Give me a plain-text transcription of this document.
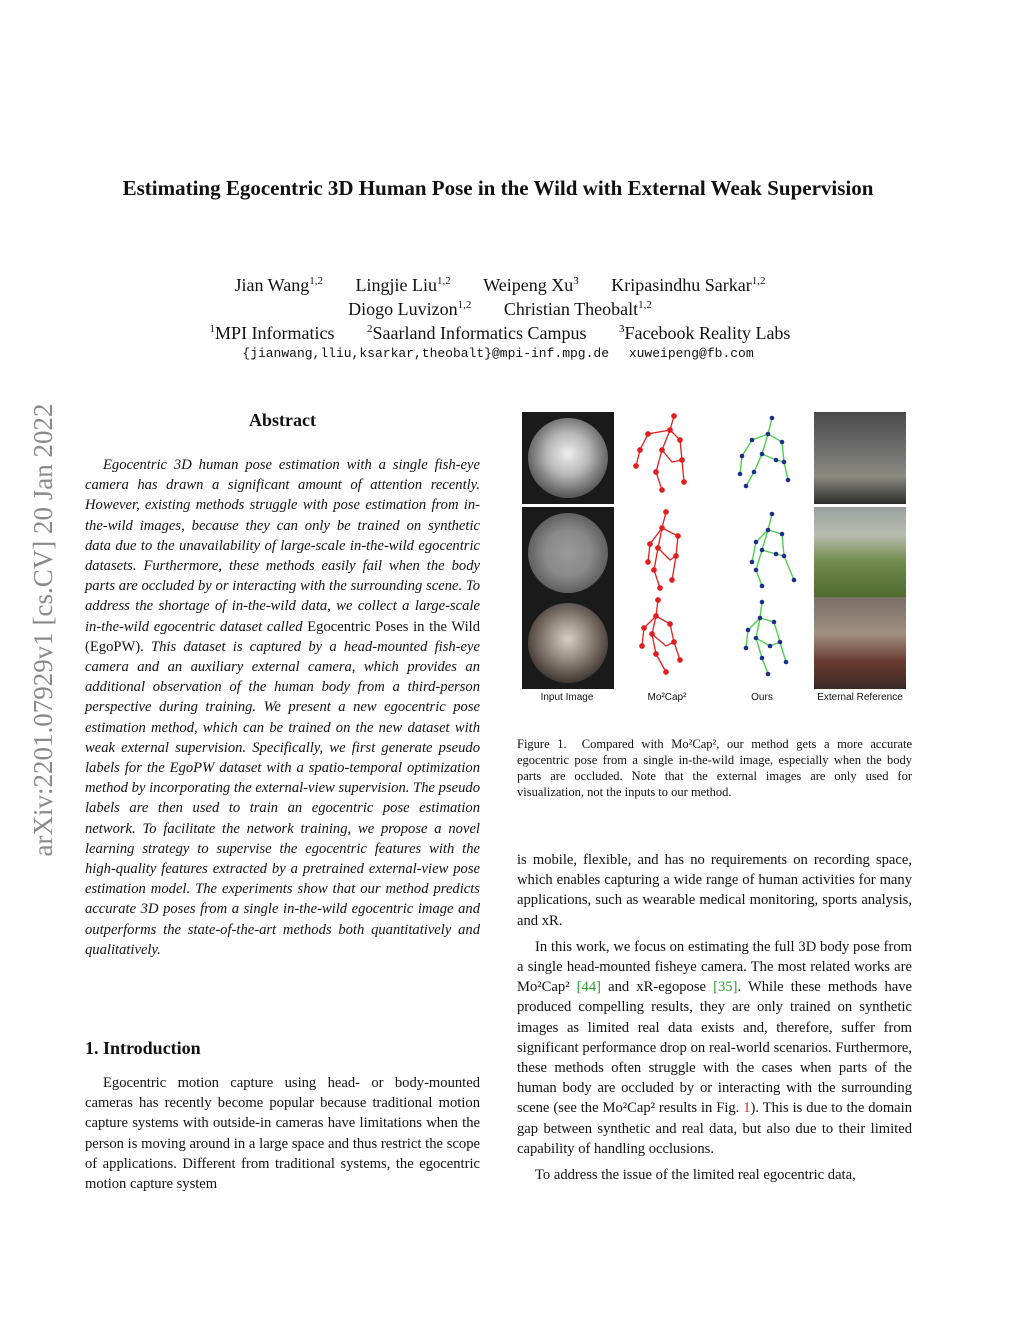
arXiv:2201.07929v1 [cs.CV] 20 Jan 2022
Estimating Egocentric 3D Human Pose in the Wild with External Weak Supervision
Jian Wang$^{1,2}$ Lingjie Liu$^{1,2}$ Weipeng Xu$^3$ Kripasindhu Sarkar$^{1,2}$
Diogo Luvizon$^{1,2}$ Christian Theobalt$^{1,2}$
$^1$MPI Informatics	$^2$Saarland Informatics Campus	$^3$Facebook Reality Labs
{jianwang,lliu,ksarkar,theobalt}@mpi-inf.mpg.de xuweipeng@fb.com
Abstract
Egocentric 3D human pose estimation with a single fish-eye camera has drawn a significant amount of attention recently. However, existing methods struggle with pose estimation from in-the-wild images, because they can only be trained on synthetic data due to the unavailability of large-scale in-the-wild egocentric datasets. Furthermore, these methods easily fail when the body parts are occluded by or interacting with the surrounding scene. To address the shortage of in-the-wild data, we collect a large-scale in-the-wild egocentric dataset called Egocentric Poses in the Wild (EgoPW). This dataset is captured by a head-mounted fish-eye camera and an auxiliary external camera, which provides an additional observation of the human body from a third-person perspective during training. We present a new egocentric pose estimation method, which can be trained on the new dataset with weak external supervision. Specifically, we first generate pseudo labels for the EgoPW dataset with a spatio-temporal optimization method by incorporating the external-view supervision. The pseudo labels are then used to train an egocentric pose estimation network. To facilitate the network training, we propose a novel learning strategy to supervise the egocentric features with the high-quality features extracted by a pretrained external-view pose estimation model. The experiments show that our method predicts accurate 3D poses from a single in-the-wild egocentric image and outperforms the state-of-the-art methods both quantitatively and qualitatively.
1. Introduction

Egocentric motion capture using head- or body-mounted cameras has recently become popular because traditional motion capture systems with outside-in cameras have limitations when the person is moving around in a large space and thus restrict the scope of applications. Different from traditional systems, the egocentric motion capture system

Input Image	Mo²Cap²	Ours	External Reference
Figure 1. Compared with Mo²Cap², our method gets a more accurate egocentric pose from a single in-the-wild image, especially when the body parts are occluded. Note that the external images are only used for visualization, not the inputs to our method.

is mobile, flexible, and has no requirements on recording space, which enables capturing a wide range of human activities for many applications, such as wearable medical monitoring, sports analysis, and xR.

In this work, we focus on estimating the full 3D body pose from a single head-mounted fisheye camera. The most related works are Mo²Cap² [44] and xR-egopose [35]. While these methods have produced compelling results, they are only trained on synthetic images as limited real data exists and, therefore, suffer from significant performance drop on real-world scenarios. Furthermore, these methods often struggle with the cases when parts of the human body are occluded by or interacting with the surrounding scene (see the Mo²Cap² results in Fig. 1). This is due to the domain gap between synthetic and real data, but also due to their limited capability of handling occlusions.

To address the issue of the limited real egocentric data,
